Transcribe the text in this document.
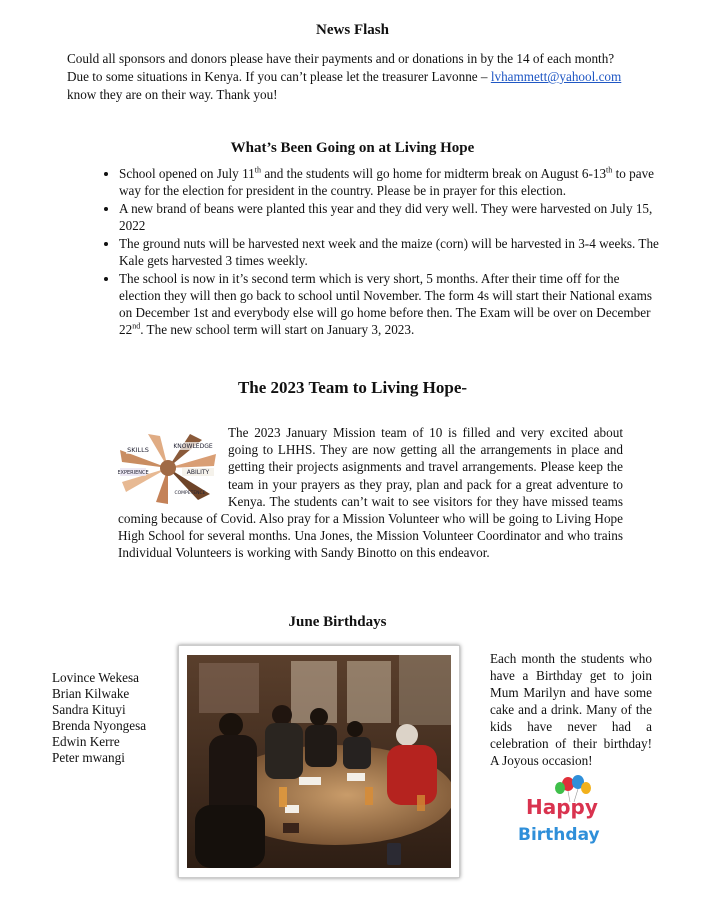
News Flash

Could all sponsors and donors please have their payments and or donations in by the 14 of each month? Due to some situations in Kenya. If you can’t please let the treasurer Lavonne – lvhammett@yahool.com know they are on their way. Thank you!

What’s Been Going on at Living Hope
• School opened on July 11th and the students will go home for midterm break on August 6-13th to pave way for the election for president in the country. Please be in prayer for this election.
• A new brand of beans were planted this year and they did very well. They were harvested on July 15, 2022
• The ground nuts will be harvested next week and the maize (corn) will be harvested in 3-4 weeks. The Kale gets harvested 3 times weekly.
• The school is now in it’s second term which is very short, 5 months. After their time off for the election they will then go back to school until November. The form 4s will start their National exams on December 1st and everybody else will go home before then. The Exam will be over on December 22nd. The new school term will start on January 3, 2023.
The 2023 Team to Living Hope-
SKILLS	KNOWLEDGE
EXPERIENCE	ABILITY
COMPETENCE
The 2023 January Mission team of 10 is filled and very excited about going to LHHS. They are now getting all the arrangements in place and getting their projects asignments and travel arrangements. Please keep the team in your prayers as they pray, plan and pack for a great adventure to Kenya. The students can’t wait to see visitors for they have missed teams coming because of Covid. Also pray for a Mission Volunteer who will be going to Living Hope High School for several months. Una Jones, the Mission Volunteer Coordinator and who trains Individual Volunteers is working with Sandy Binotto on this endeavor.
June Birthdays
Lovince Wekesa
Brian Kilwake
Sandra Kituyi
Brenda Nyongesa
Edwin Kerre
Peter mwangi

Each month the students who have a Birthday get to join Mum Marilyn and have some cake and a drink. Many of the kids have never had a celebration of their birthday! A Joyous occasion!

Happy
Birthday
